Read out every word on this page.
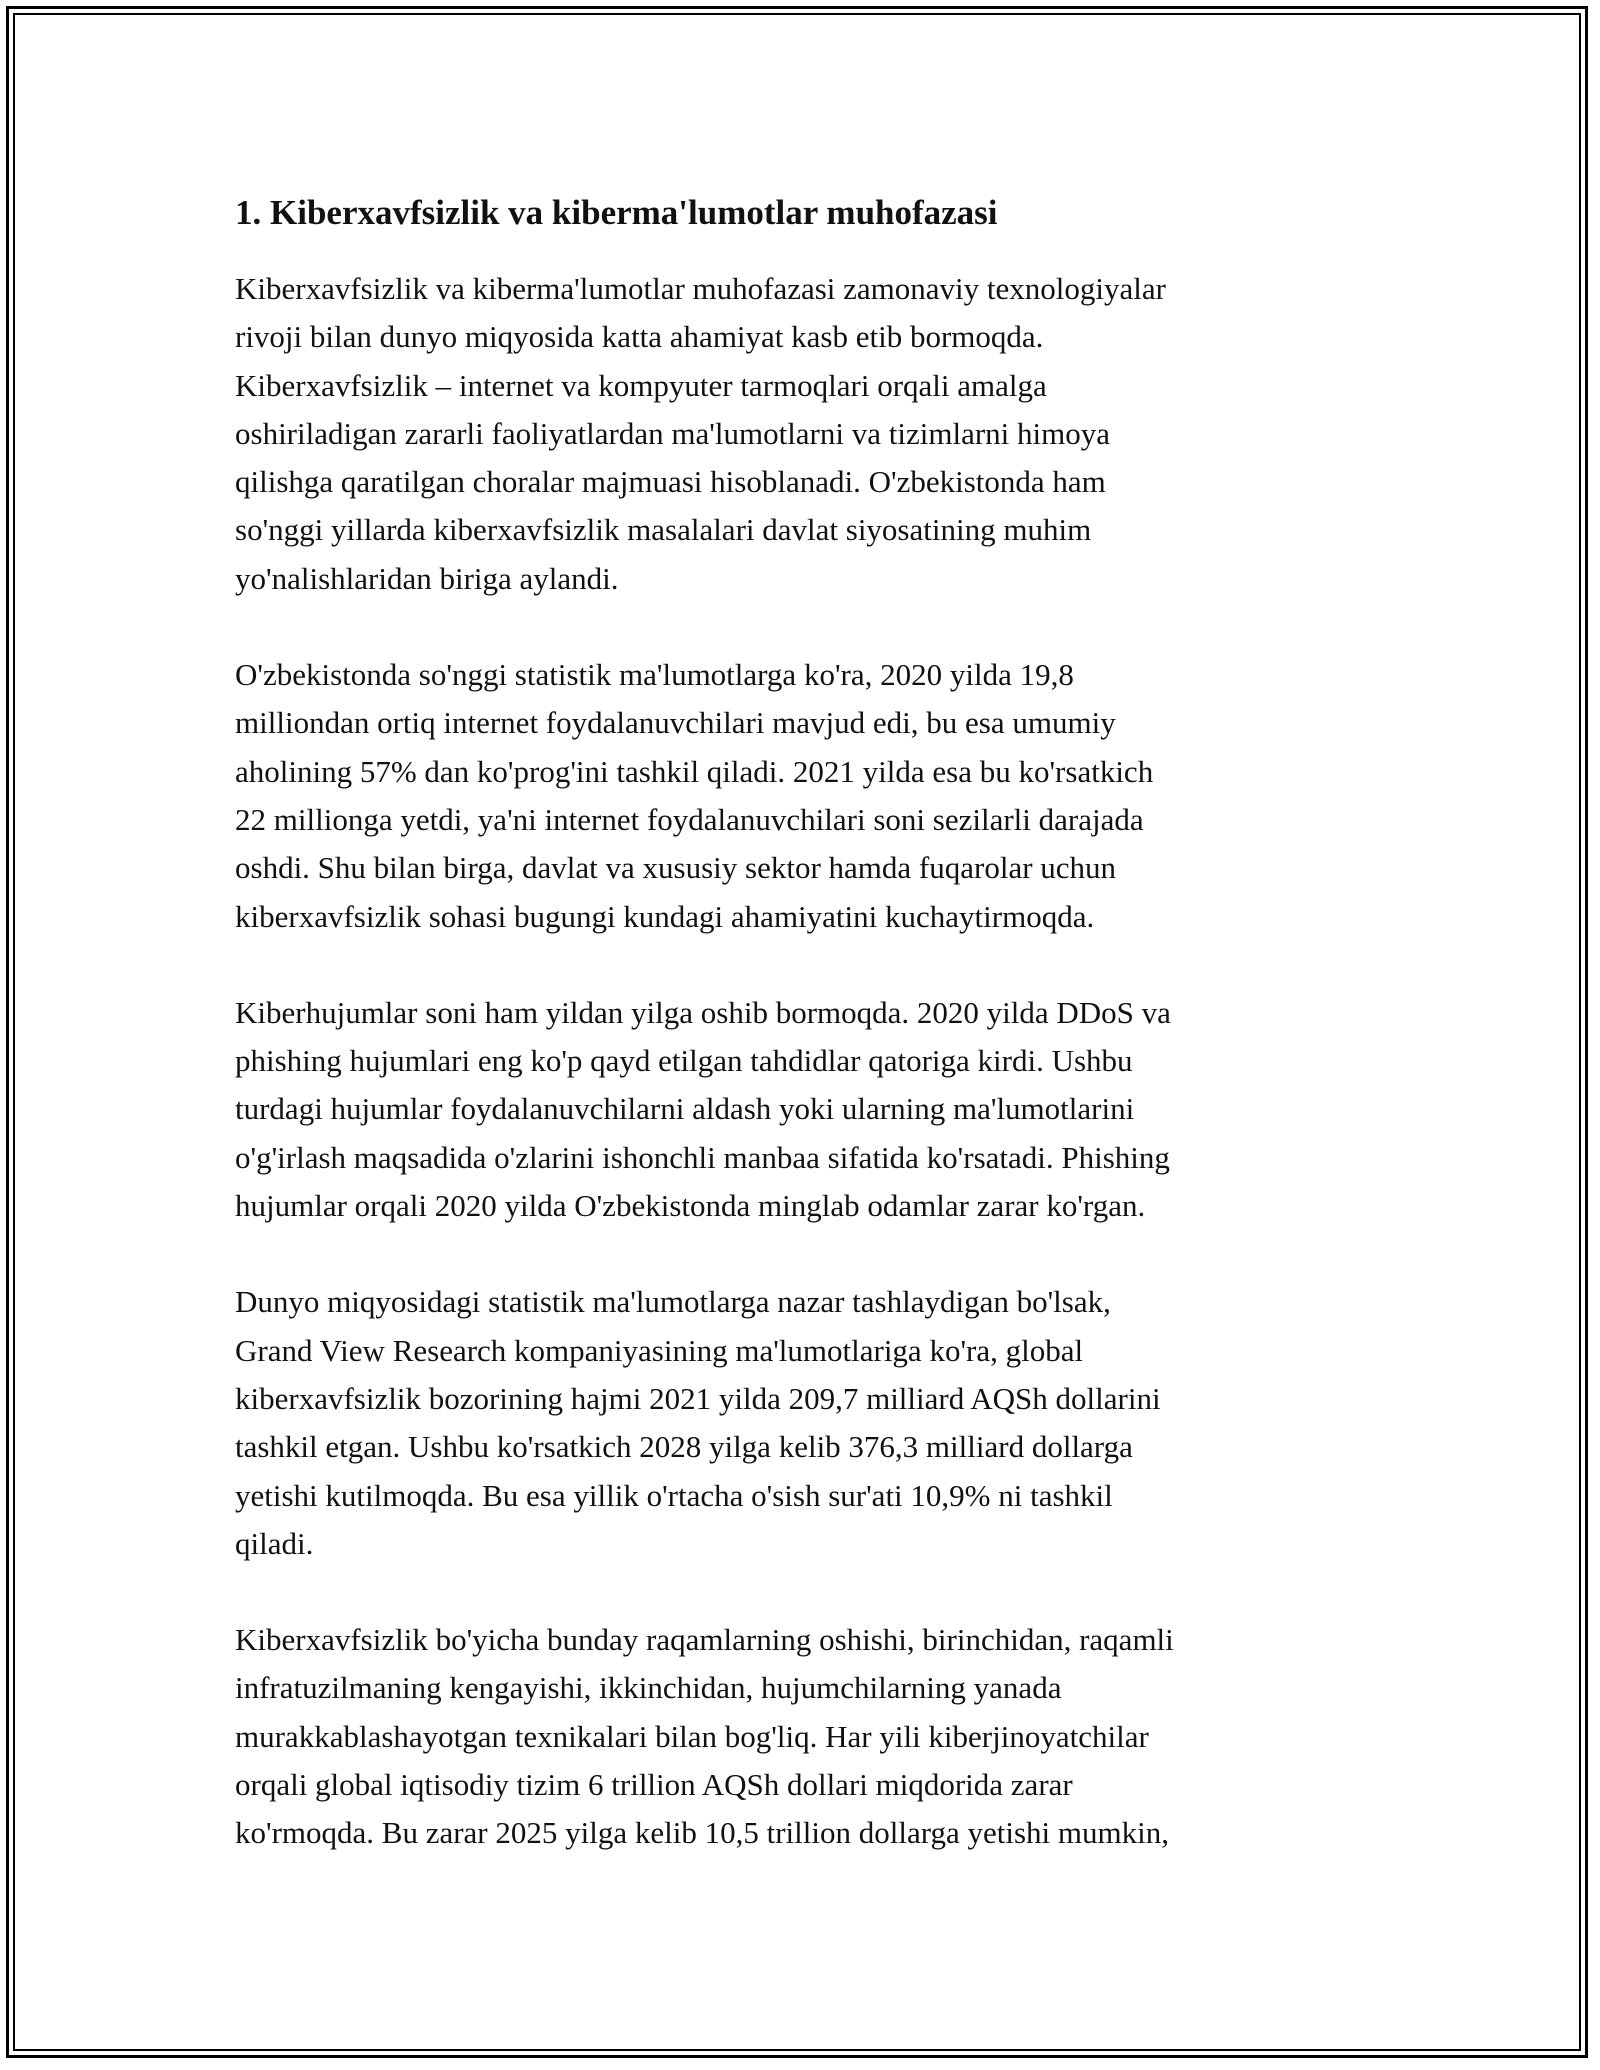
1. Kiberxavfsizlik va kiberma'lumotlar muhofazasi

Kiberxavfsizlik va kiberma'lumotlar muhofazasi zamonaviy texnologiyalar
rivoji bilan dunyo miqyosida katta ahamiyat kasb etib bormoqda.
Kiberxavfsizlik – internet va kompyuter tarmoqlari orqali amalga
oshiriladigan zararli faoliyatlardan ma'lumotlarni va tizimlarni himoya
qilishga qaratilgan choralar majmuasi hisoblanadi. O'zbekistonda ham
so'nggi yillarda kiberxavfsizlik masalalari davlat siyosatining muhim
yo'nalishlaridan biriga aylandi.

O'zbekistonda so'nggi statistik ma'lumotlarga ko'ra, 2020 yilda 19,8
milliondan ortiq internet foydalanuvchilari mavjud edi, bu esa umumiy
aholining 57% dan ko'prog'ini tashkil qiladi. 2021 yilda esa bu ko'rsatkich
22 millionga yetdi, ya'ni internet foydalanuvchilari soni sezilarli darajada
oshdi. Shu bilan birga, davlat va xususiy sektor hamda fuqarolar uchun
kiberxavfsizlik sohasi bugungi kundagi ahamiyatini kuchaytirmoqda.

Kiberhujumlar soni ham yildan yilga oshib bormoqda. 2020 yilda DDoS va
phishing hujumlari eng ko'p qayd etilgan tahdidlar qatoriga kirdi. Ushbu
turdagi hujumlar foydalanuvchilarni aldash yoki ularning ma'lumotlarini
o'g'irlash maqsadida o'zlarini ishonchli manbaa sifatida ko'rsatadi. Phishing
hujumlar orqali 2020 yilda O'zbekistonda minglab odamlar zarar ko'rgan.

Dunyo miqyosidagi statistik ma'lumotlarga nazar tashlaydigan bo'lsak,
Grand View Research kompaniyasining ma'lumotlariga ko'ra, global
kiberxavfsizlik bozorining hajmi 2021 yilda 209,7 milliard AQSh dollarini
tashkil etgan. Ushbu ko'rsatkich 2028 yilga kelib 376,3 milliard dollarga
yetishi kutilmoqda. Bu esa yillik o'rtacha o'sish sur'ati 10,9% ni tashkil
qiladi.

Kiberxavfsizlik bo'yicha bunday raqamlarning oshishi, birinchidan, raqamli
infratuzilmaning kengayishi, ikkinchidan, hujumchilarning yanada
murakkablashayotgan texnikalari bilan bog'liq. Har yili kiberjinoyatchilar
orqali global iqtisodiy tizim 6 trillion AQSh dollari miqdorida zarar
ko'rmoqda. Bu zarar 2025 yilga kelib 10,5 trillion dollarga yetishi mumkin,
